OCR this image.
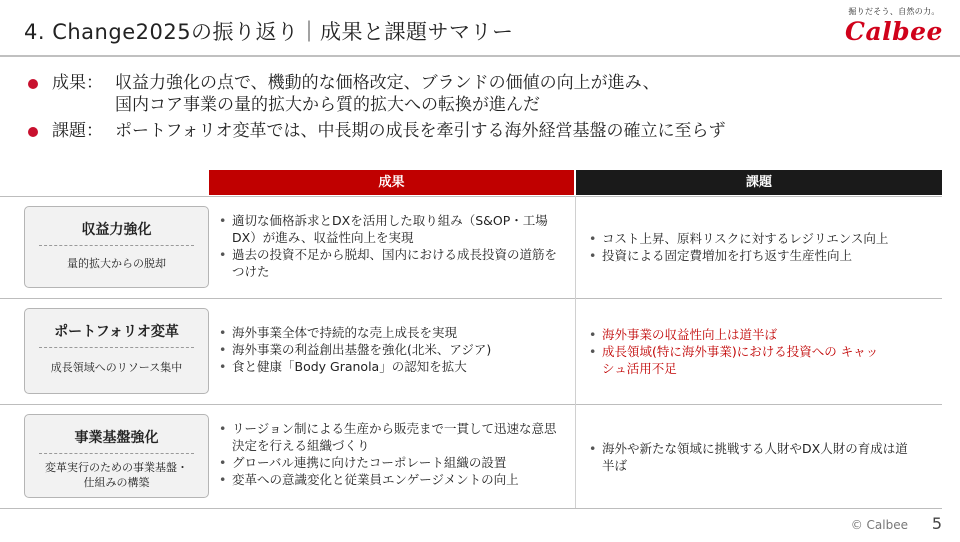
4. Change2025の振り返り｜成果と課題サマリー
掘りだそう、自然の力。
Calbee
成果： 収益力強化の点で、機動的な価格改定、ブランドの価値の向上が進み、
国内コア事業の量的拡大から質的拡大への転換が進んだ
課題： ポートフォリオ変革では、中長期の成長を牽引する海外経営基盤の確立に至らず
成果	課題
収益力強化
量的拡大からの脱却
• 適切な価格訴求とDXを活用した取り組み（S&OP・工場DX）が進み、収益性向上を実現
• 過去の投資不足から脱却、国内における成長投資の道筋をつけた
• コスト上昇、原料リスクに対するレジリエンス向上
• 投資による固定費増加を打ち返す生産性向上
ポートフォリオ変革
成長領域へのリソース集中
• 海外事業全体で持続的な売上成長を実現
• 海外事業の利益創出基盤を強化(北米、アジア)
• 食と健康「Body Granola」の認知を拡大
• 海外事業の収益性向上は道半ば
• 成長領域(特に海外事業)における投資への キャッシュ活用不足
事業基盤強化
変革実行のための事業基盤・
仕組みの構築
• リージョン制による生産から販売まで一貫して迅速な意思決定を行える組織づくり
• グローバル連携に向けたコーポレート組織の設置
• 変革への意識変化と従業員エンゲージメントの向上
• 海外や新たな領域に挑戦する人財やDX人財の育成は道半ば
© Calbee 5
